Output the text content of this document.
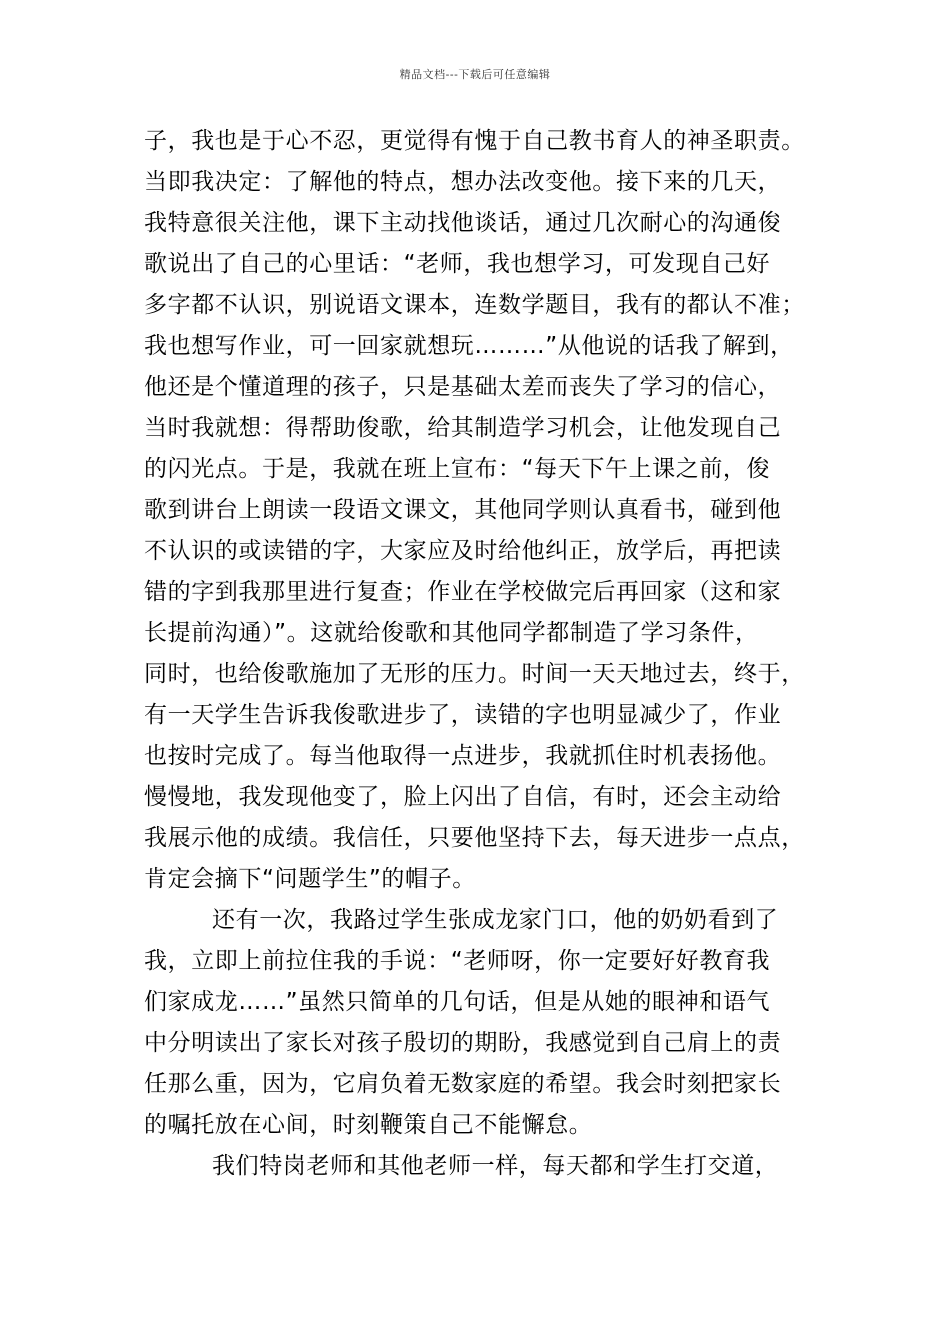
精品文档---下载后可任意编辑
子，我也是于心不忍，更觉得有愧于自己教书育人的神圣职责。
当即我决定：了解他的特点，想办法改变他。接下来的几天，
我特意很关注他，课下主动找他谈话，通过几次耐心的沟通俊
歌说出了自己的心里话：“老师，我也想学习，可发现自己好
多字都不认识，别说语文课本，连数学题目，我有的都认不准；
我也想写作业，可一回家就想玩………”从他说的话我了解到，
他还是个懂道理的孩子，只是基础太差而丧失了学习的信心，
当时我就想：得帮助俊歌，给其制造学习机会，让他发现自己
的闪光点。于是，我就在班上宣布：“每天下午上课之前，俊
歌到讲台上朗读一段语文课文，其他同学则认真看书，碰到他
不认识的或读错的字，大家应及时给他纠正，放学后，再把读
错的字到我那里进行复查；作业在学校做完后再回家（这和家
长提前沟通）”。这就给俊歌和其他同学都制造了学习条件，
同时，也给俊歌施加了无形的压力。时间一天天地过去，终于，
有一天学生告诉我俊歌进步了，读错的字也明显减少了，作业
也按时完成了。每当他取得一点进步，我就抓住时机表扬他。
慢慢地，我发现他变了，脸上闪出了自信，有时，还会主动给
我展示他的成绩。我信任，只要他坚持下去，每天进步一点点，
肯定会摘下“问题学生”的帽子。
还有一次，我路过学生张成龙家门口，他的奶奶看到了
我，立即上前拉住我的手说：“老师呀，你一定要好好教育我
们家成龙……”虽然只简单的几句话，但是从她的眼神和语气
中分明读出了家长对孩子殷切的期盼，我感觉到自己肩上的责
任那么重，因为，它肩负着无数家庭的希望。我会时刻把家长
的嘱托放在心间，时刻鞭策自己不能懈怠。
我们特岗老师和其他老师一样，每天都和学生打交道，
